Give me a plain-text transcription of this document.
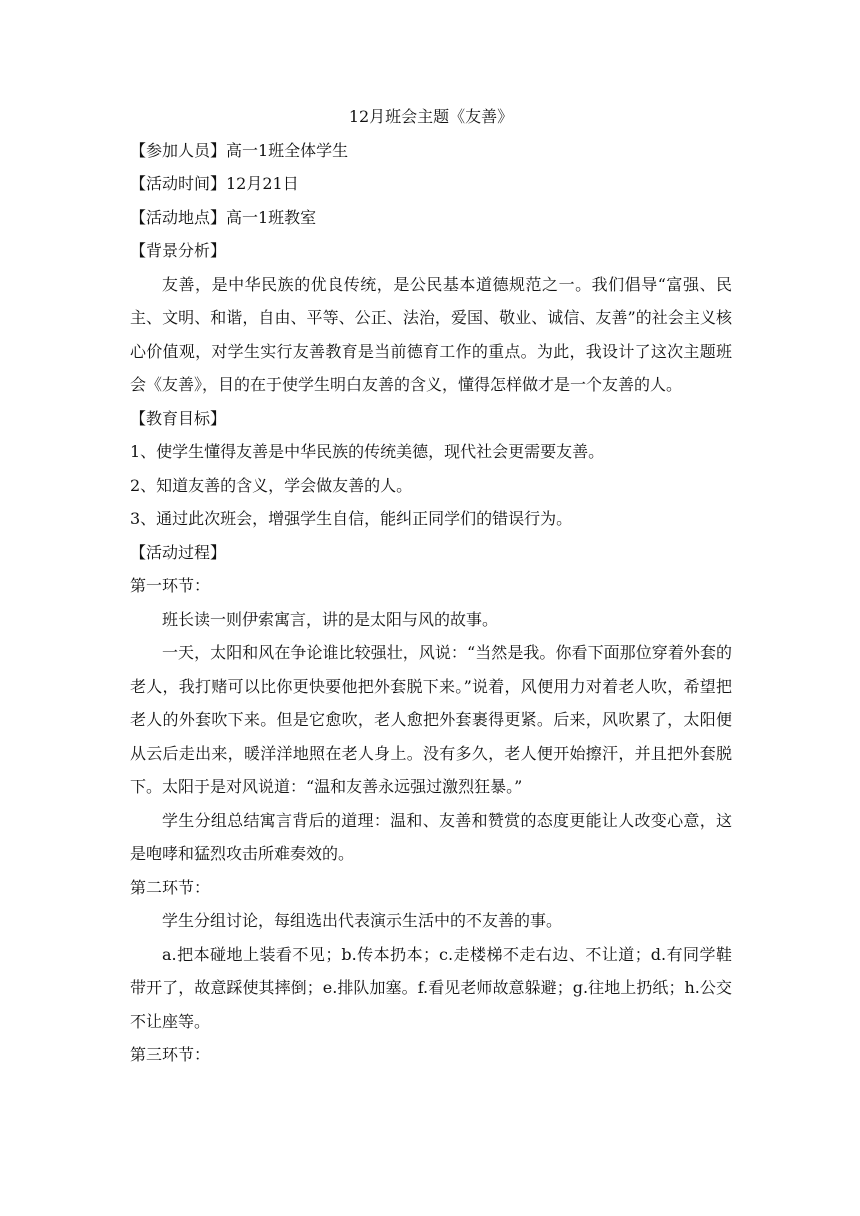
12月班会主题《友善》
【参加人员】高一1班全体学生
【活动时间】12月21日
【活动地点】高一1班教室
【背景分析】

友善，是中华民族的优良传统，是公民基本道德规范之一。我们倡导“富强、民主、文明、和谐，自由、平等、公正、法治，爱国、敬业、诚信、友善”的社会主义核心价值观，对学生实行友善教育是当前德育工作的重点。为此，我设计了这次主题班会《友善》，目的在于使学生明白友善的含义，懂得怎样做才是一个友善的人。

【教育目标】
1、使学生懂得友善是中华民族的传统美德，现代社会更需要友善。
2、知道友善的含义，学会做友善的人。
3、通过此次班会，增强学生自信，能纠正同学们的错误行为。
【活动过程】
第一环节：

班长读一则伊索寓言，讲的是太阳与风的故事。

一天，太阳和风在争论谁比较强壮，风说：“当然是我。你看下面那位穿着外套的老人，我打赌可以比你更快要他把外套脱下来。”说着，风便用力对着老人吹，希望把老人的外套吹下来。但是它愈吹，老人愈把外套裹得更紧。后来，风吹累了，太阳便从云后走出来，暖洋洋地照在老人身上。没有多久，老人便开始擦汗，并且把外套脱下。太阳于是对风说道：“温和友善永远强过激烈狂暴。”

学生分组总结寓言背后的道理：温和、友善和赞赏的态度更能让人改变心意，这是咆哮和猛烈攻击所难奏效的。

第二环节：

学生分组讨论，每组选出代表演示生活中的不友善的事。

a.把本碰地上装看不见；b.传本扔本；c.走楼梯不走右边、不让道；d.有同学鞋带开了，故意踩使其摔倒；e.排队加塞。f.看见老师故意躲避；g.往地上扔纸；h.公交不让座等。

第三环节：
